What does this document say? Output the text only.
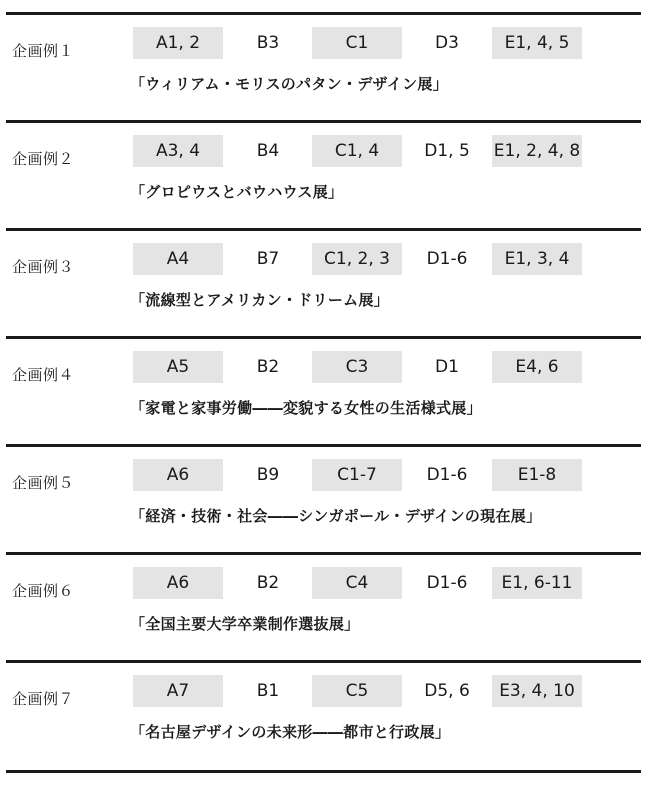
企画例１	A1, 2	B3	C1	D3	E1, 4, 5
「ウィリアム・モリスのパタン・デザイン展」
企画例２	A3, 4	B4	C1, 4	D1, 5	E1, 2, 4, 8
「グロピウスとバウハウス展」
企画例３	A4	B7	C1, 2, 3	D1-6	E1, 3, 4
「流線型とアメリカン・ドリーム展」
企画例４	A5	B2	C3	D1	E4, 6
「家電と家事労働――変貌する女性の生活様式展」
企画例５	A6	B9	C1-7	D1-6	E1-8
「経済・技術・社会――シンガポール・デザインの現在展」
企画例６	A6	B2	C4	D1-6	E1, 6-11
「全国主要大学卒業制作選抜展」
企画例７	A7	B1	C5	D5, 6	E3, 4, 10
「名古屋デザインの未来形――都市と行政展」
